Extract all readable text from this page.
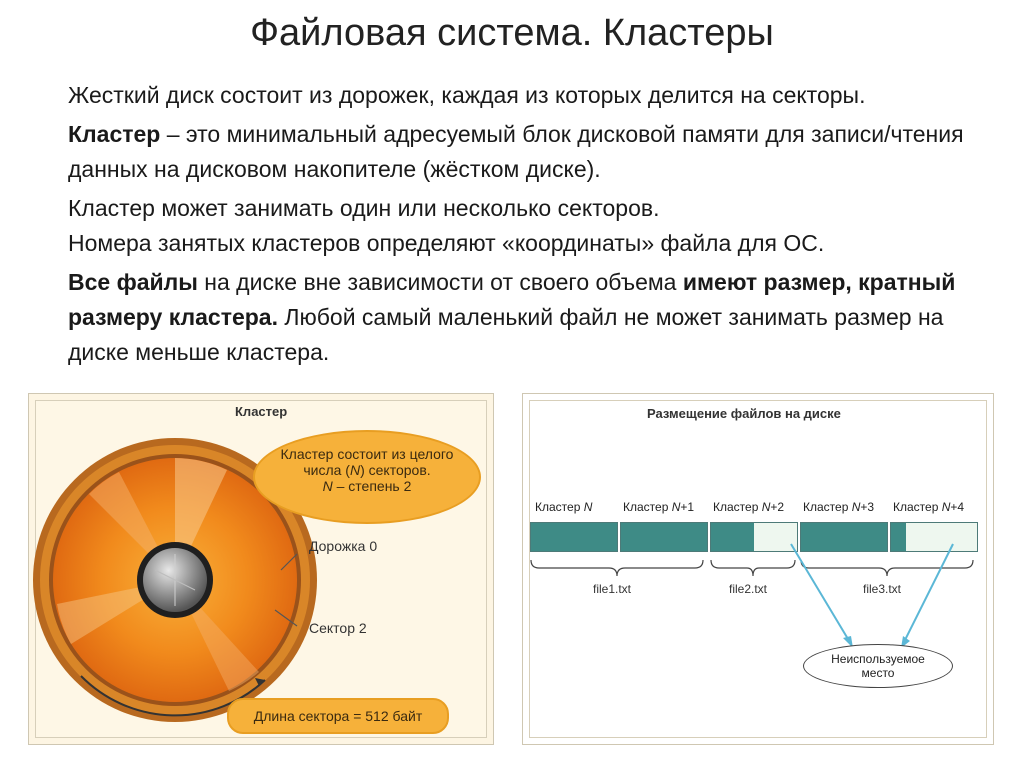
Файловая система. Кластеры

Жесткий диск состоит из дорожек, каждая из которых делится на секторы.

Кластер – это минимальный адресуемый блок дисковой памяти для записи/чтения данных на дисковом накопителе (жёстком диске).

Кластер может занимать один или несколько секторов.
Номера занятых кластеров определяют «координаты» файла для ОС.

Все файлы на диске вне зависимости от своего объема имеют размер, кратный размеру кластера. Любой самый маленький файл не может занимать размер на диске меньше кластера.

Кластер
Кластер состоит из целого
числа (N) секторов.
N – степень 2
Дорожка 0
Сектор 2
Длина сектора = 512 байт
Размещение файлов на диске
Кластер N	Кластер N+1 Кластер N+2 Кластер N+3 Кластер N+4
file1.txt	file2.txt	file3.txt
Неиспользуемое
место
